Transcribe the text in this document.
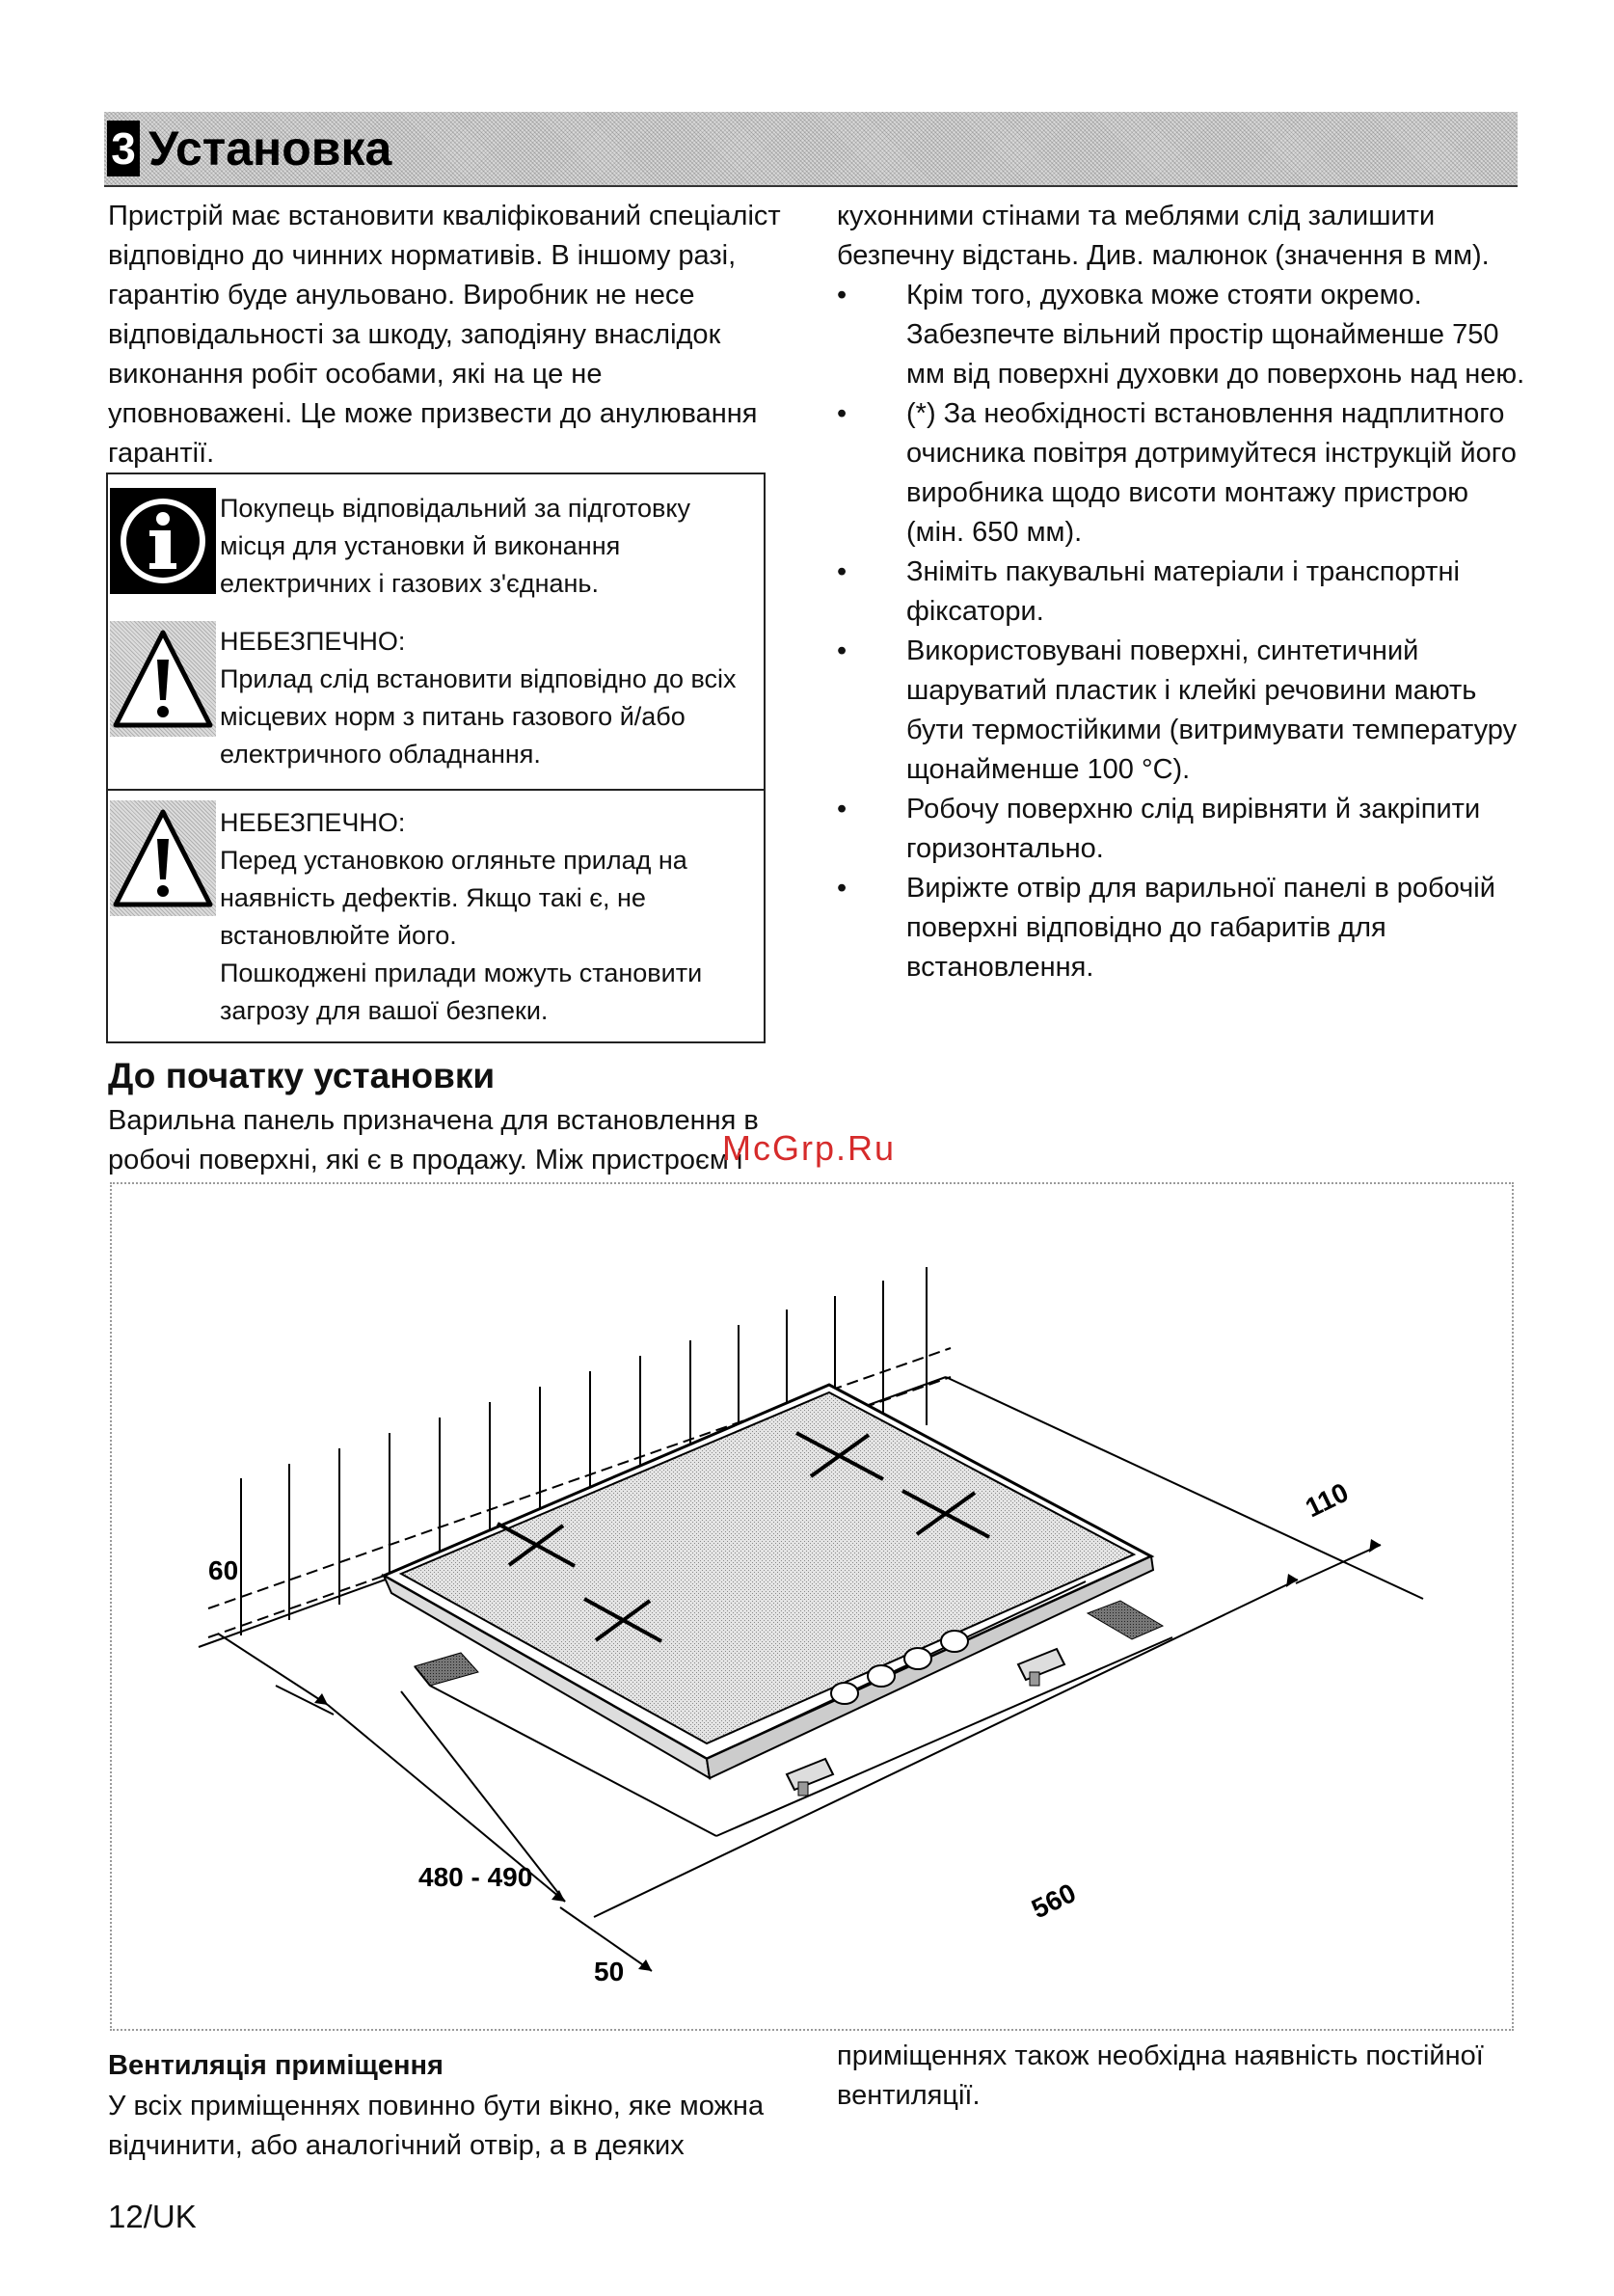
3 Установка
Пристрій має встановити кваліфікований спеціаліст відповідно до чинних нормативів. В іншому разі, гарантію буде анульовано. Виробник не несе відповідальності за шкоду, заподіяну внаслідок виконання робіт особами, які на це не уповноважені. Це може призвести до анулювання гарантії.
Покупець відповідальний за підготовку
місця для установки й виконання
електричних і газових з'єднань.
НЕБЕЗПЕЧНО:
Прилад слід встановити відповідно до всіх
місцевих норм з питань газового й/або
електричного обладнання.
НЕБЕЗПЕЧНО:
Перед установкою огляньте прилад на
наявність дефектів. Якщо такі є, не
встановлюйте його.
Пошкоджені прилади можуть становити
загрозу для вашої безпеки.
До початку установки
Варильна панель призначена для встановлення в
робочі поверхні, які є в продажу. Між пристроєм і
кухонними стінами та меблями слід залишити
безпечну відстань. Див. малюнок (значення в мм).
• Крім того, духовка може стояти окремо. Забезпечте вільний простір щонайменше 750 мм від поверхні духовки до поверхонь над нею.
• (*) За необхідності встановлення надплитного очисника повітря дотримуйтеся інструкцій його виробника щодо висоти монтажу пристрою (мін. 650 мм).
• Зніміть пакувальні матеріали і транспортні фіксатори.
• Використовувані поверхні, синтетичний шаруватий пластик і клейкі речовини мають бути термостійкими (витримувати температуру щонайменше 100 °C).
• Робочу поверхню слід вирівняти й закріпити горизонтально.
• Виріжте отвір для варильної панелі в робочій поверхні відповідно до габаритів для встановлення.
McGrp.Ru
60
480 - 490
50
560
110
Вентиляція приміщення
У всіх приміщеннях повинно бути вікно, яке можна
відчинити, або аналогічний отвір, а в деяких
приміщеннях також необхідна наявність постійної
вентиляції.
12/UK
